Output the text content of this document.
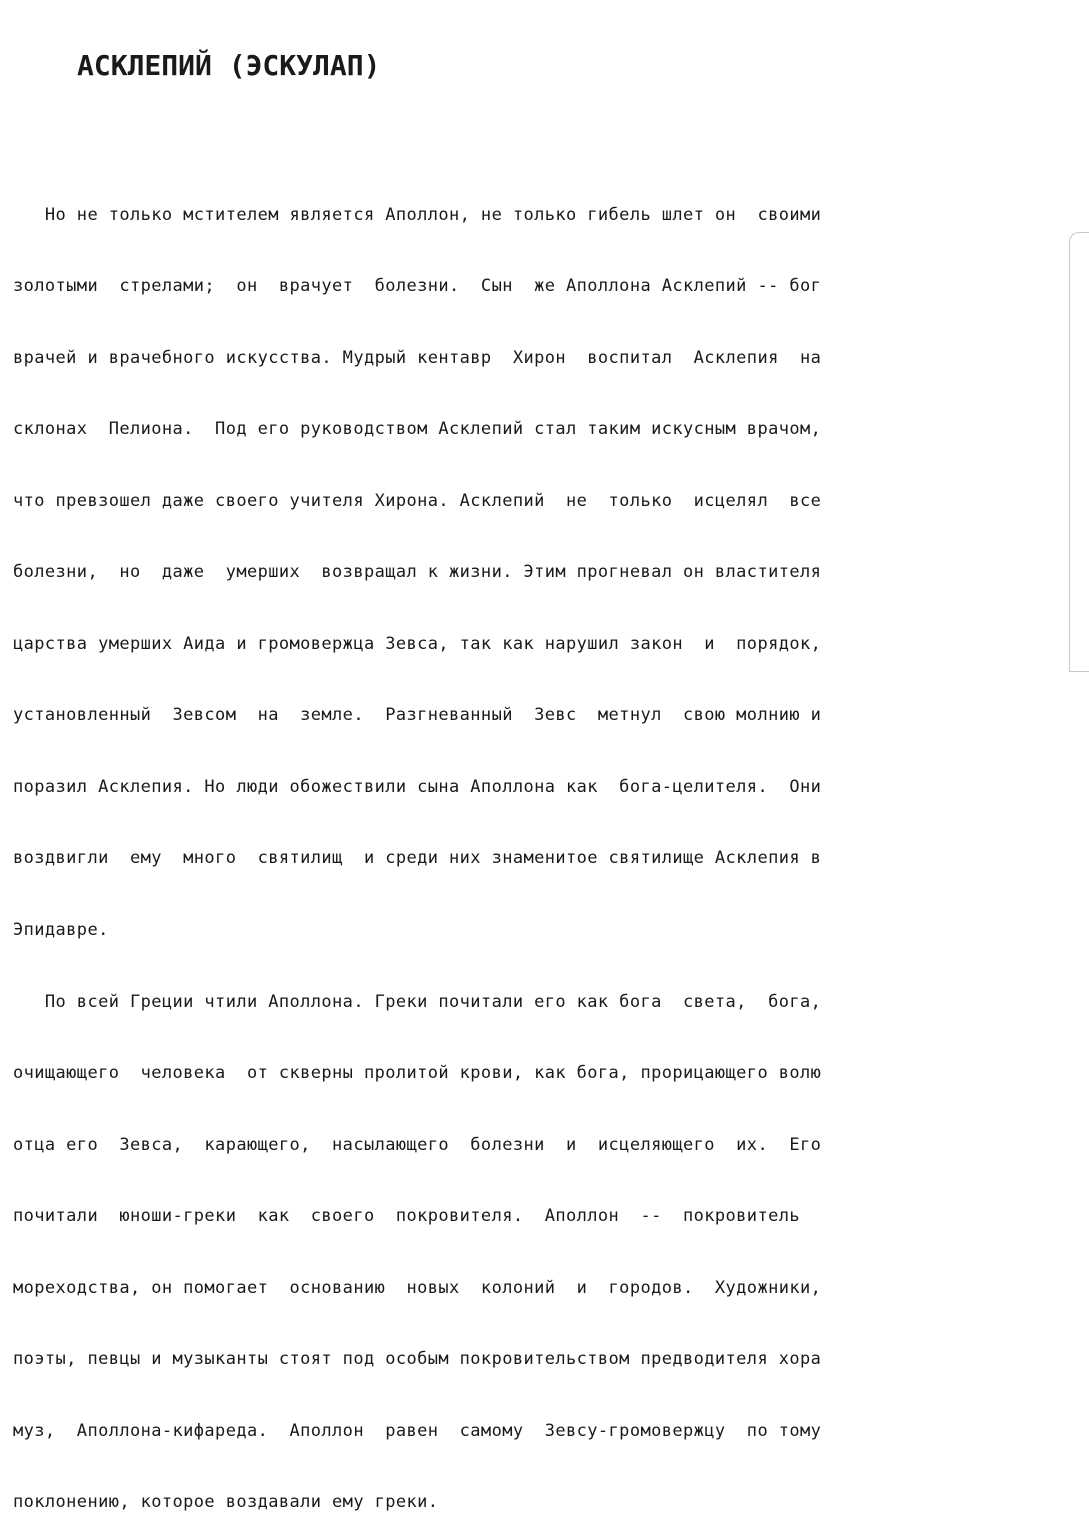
АСКЛЕПИЙ (ЭСКУЛАП)

Но не только мстителем является Аполлон, не только гибель шлет он  своими

золотыми  стрелами;  он  врачует  болезни.  Сын  же Аполлона Асклепий -- бог

врачей и врачебного искусства. Мудрый кентавр  Хирон  воспитал  Асклепия  на

склонах  Пелиона.  Под его руководством Асклепий стал таким искусным врачом,

что превзошел даже своего учителя Хирона. Асклепий  не  только  исцелял  все

болезни,  но  даже  умерших  возвращал к жизни. Этим прогневал он властителя

царства умерших Аида и громовержца Зевса, так как нарушил закон  и  порядок,

установленный  Зевсом  на  земле.  Разгневанный  Зевс  метнул  свою молнию и

поразил Асклепия. Но люди обожествили сына Аполлона как  бога-целителя.  Они

воздвигли  ему  много  святилищ  и среди них знаменитое святилище Асклепия в

Эпидавре.

По всей Греции чтили Аполлона. Греки почитали его как бога  света,  бога,

очищающего  человека  от скверны пролитой крови, как бога, прорицающего волю

отца его  Зевса,  карающего,  насылающего  болезни  и  исцеляющего  их.  Его

почитали  юноши-греки  как  своего  покровителя.  Аполлон  --  покровитель

мореходства, он помогает  основанию  новых  колоний  и  городов.  Художники,

поэты, певцы и музыканты стоят под особым покровительством предводителя хора

муз,  Аполлона-кифареда.  Аполлон  равен  самому  Зевсу-громовержцу  по тому

поклонению, которое воздавали ему греки.
